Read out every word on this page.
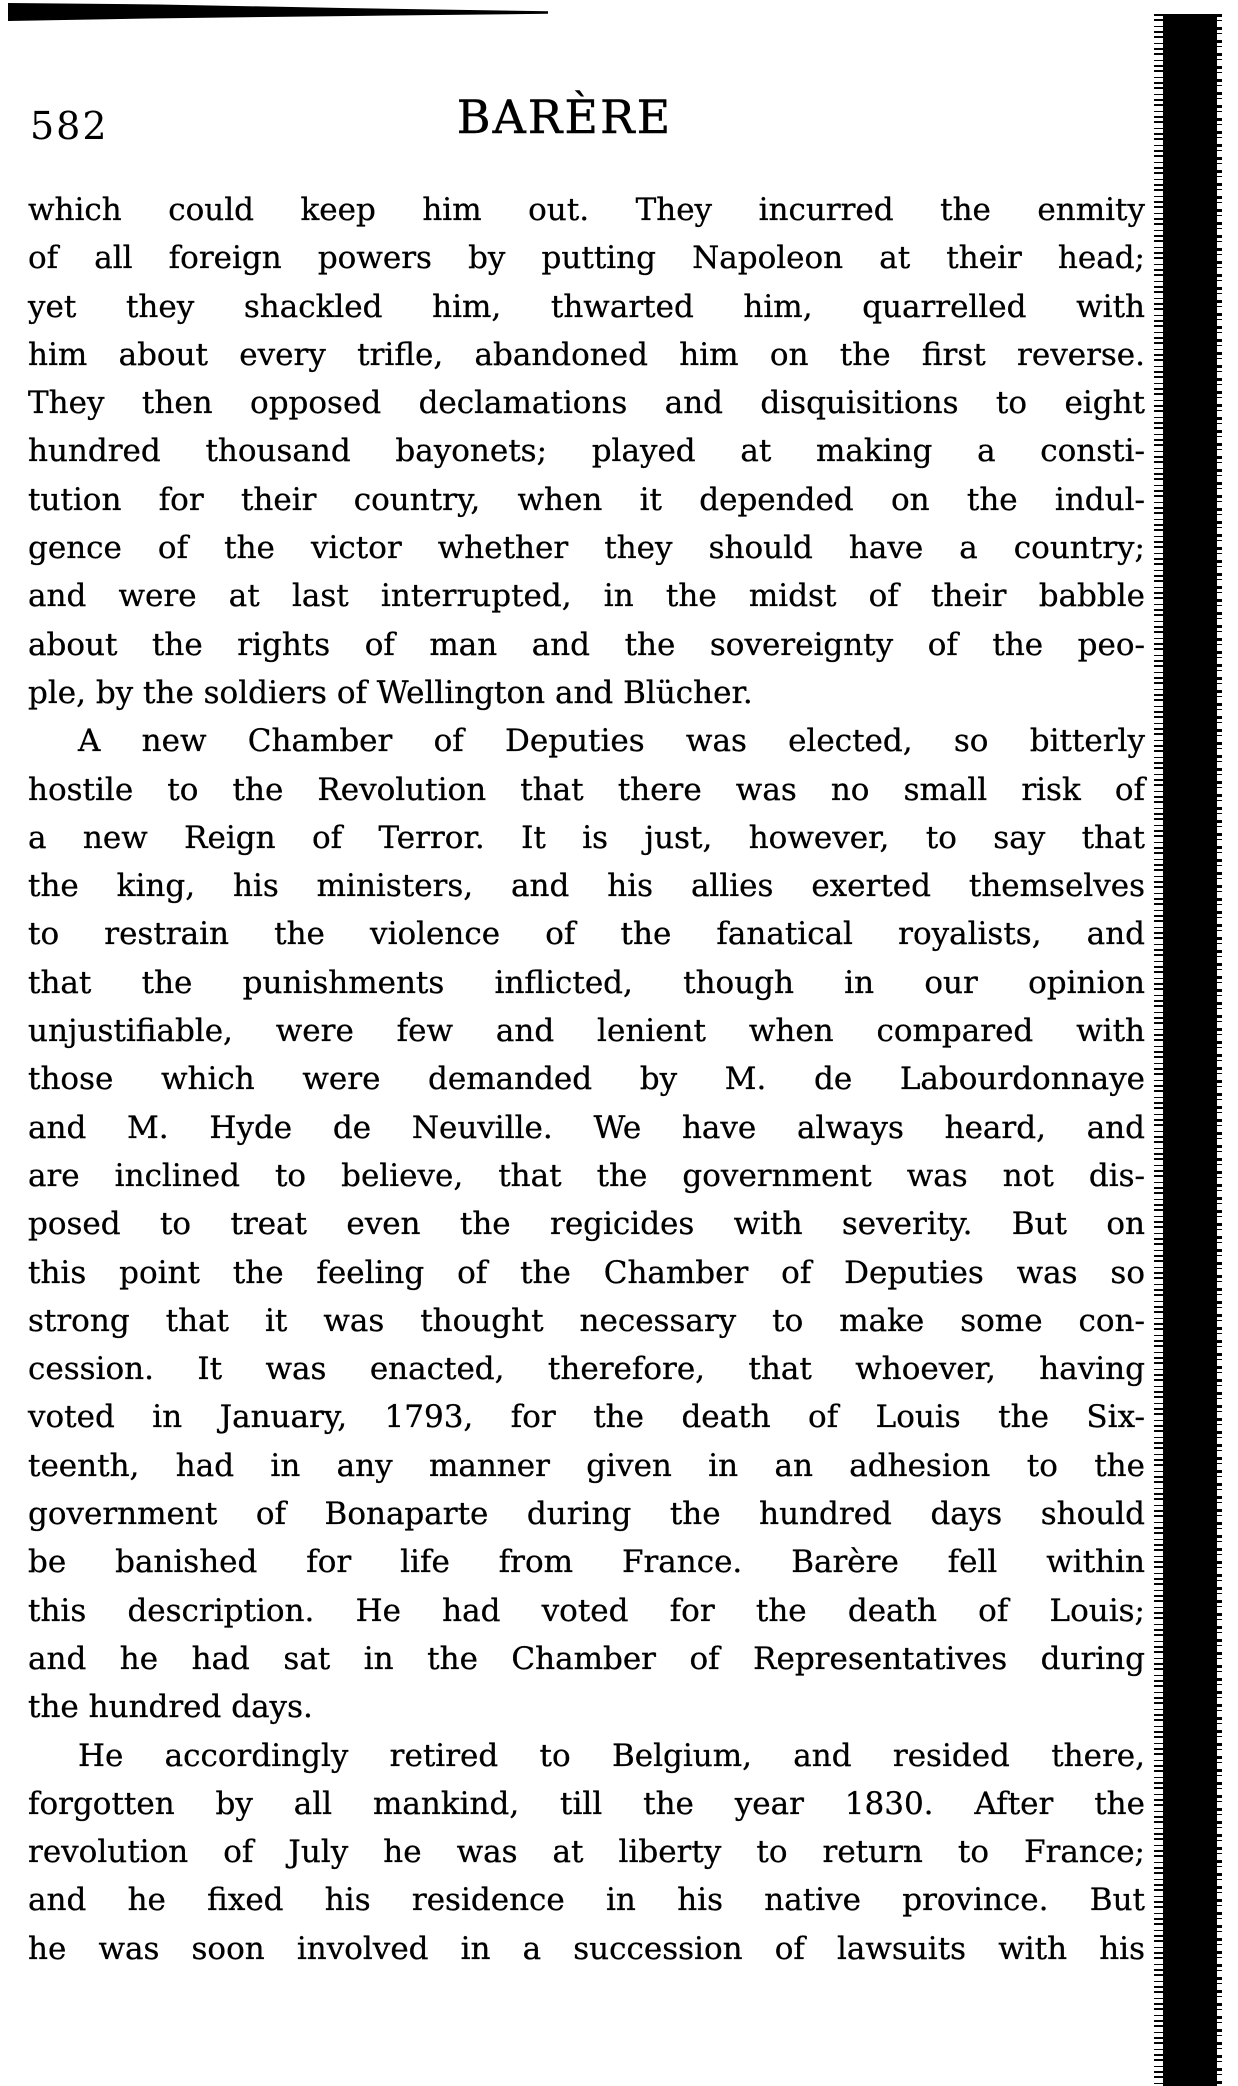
582	BARÈRE
which could keep him out. They incurred the enmity
of all foreign powers by putting Napoleon at their head;
yet they shackled him, thwarted him, quarrelled with
him about every trifle, abandoned him on the first reverse.
They then opposed declamations and disquisitions to eight
hundred thousand bayonets; played at making a consti-
tution for their country, when it depended on the indul-
gence of the victor whether they should have a country;
and were at last interrupted, in the midst of their babble
about the rights of man and the sovereignty of the peo-
ple, by the soldiers of Wellington and Blücher.
A new Chamber of Deputies was elected, so bitterly
hostile to the Revolution that there was no small risk of
a new Reign of Terror. It is just, however, to say that
the king, his ministers, and his allies exerted themselves
to restrain the violence of the fanatical royalists, and
that the punishments inflicted, though in our opinion
unjustifiable, were few and lenient when compared with
those which were demanded by M. de Labourdonnaye
and M. Hyde de Neuville. We have always heard, and
are inclined to believe, that the government was not dis-
posed to treat even the regicides with severity. But on
this point the feeling of the Chamber of Deputies was so
strong that it was thought necessary to make some con-
cession. It was enacted, therefore, that whoever, having
voted in January, 1793, for the death of Louis the Six-
teenth, had in any manner given in an adhesion to the
government of Bonaparte during the hundred days should
be banished for life from France. Barère fell within
this description. He had voted for the death of Louis;
and he had sat in the Chamber of Representatives during
the hundred days.
He accordingly retired to Belgium, and resided there,
forgotten by all mankind, till the year 1830. After the
revolution of July he was at liberty to return to France;
and he fixed his residence in his native province. But
he was soon involved in a succession of lawsuits with his
